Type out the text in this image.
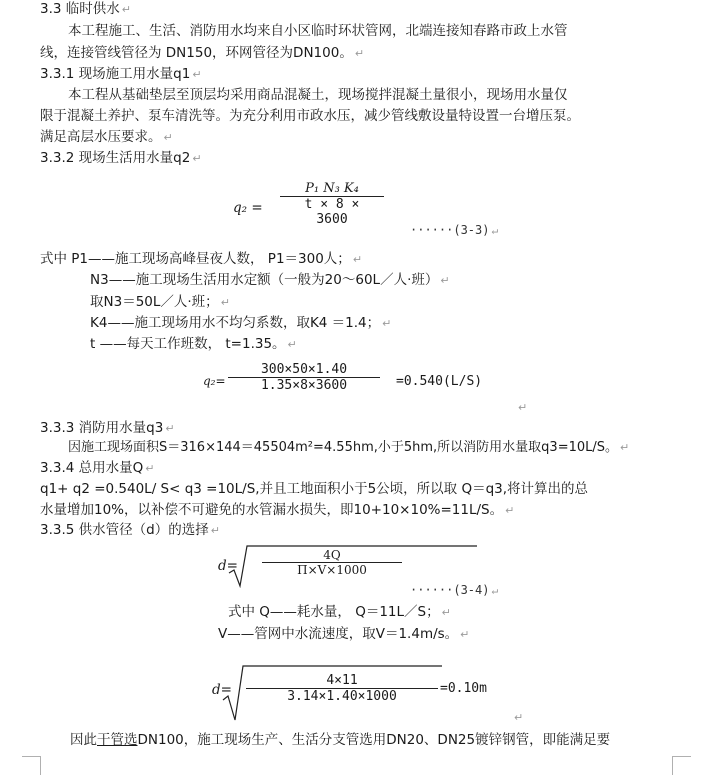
3.3 临时供水 ↵
本工程施工、生活、消防用水均来自小区临时环状管网，北端连接知春路市政上水管
线，连接管线管径为 DN150，环网管径为DN100。 ↵
3.3.1 现场施工用水量q1 ↵
本工程从基础垫层至顶层均采用商品混凝土，现场搅拌混凝土量很小，现场用水量仅
限于混凝土养护、泵车清洗等。为充分利用市政水压，减少管线敷设量特设置一台增压泵。
满足高层水压要求。 ↵
3.3.2 现场生活用水量q2 ↵
q₂ =
P₁ N₃ K₄
t × 8 × 3600
······(3-3) ↵
式中 P1——施工现场高峰昼夜人数， P1＝300人； ↵
N3——施工现场生活用水定额（一般为20～60L／人·班） ↵
取N3＝50L／人·班； ↵
K4——施工现场用水不均匀系数，取K4 ＝1.4； ↵
t ——每天工作班数， t=1.35。 ↵
q₂=
300×50×1.40
1.35×8×3600	=0.540(L/S)
↵
3.3.3 消防用水量q3 ↵
因施工现场面积S＝316×144＝45504m²=4.55hm,小于5hm,所以消防用水量取q3=10L/S。 ↵
3.3.4 总用水量Q ↵
q1+ q2 =0.540L/ S< q3 =10L/S,并且工地面积小于5公顷，所以取 Q＝q3,将计算出的总
水量增加10%，以补偿不可避免的水管漏水损失，即10+10×10%=11L/S。 ↵
3.3.5 供水管径（d）的选择 ↵
d=
4Q
Π×V×1000
······(3-4) ↵
式中 Q——耗水量， Q＝11L／S； ↵
V——管网中水流速度，取V＝1.4m/s。 ↵
d=
4×11
3.14×1.40×1000
=0.10m
↵
因此干管选DN100，施工现场生产、生活分支管选用DN20、DN25镀锌钢管，即能满足要
